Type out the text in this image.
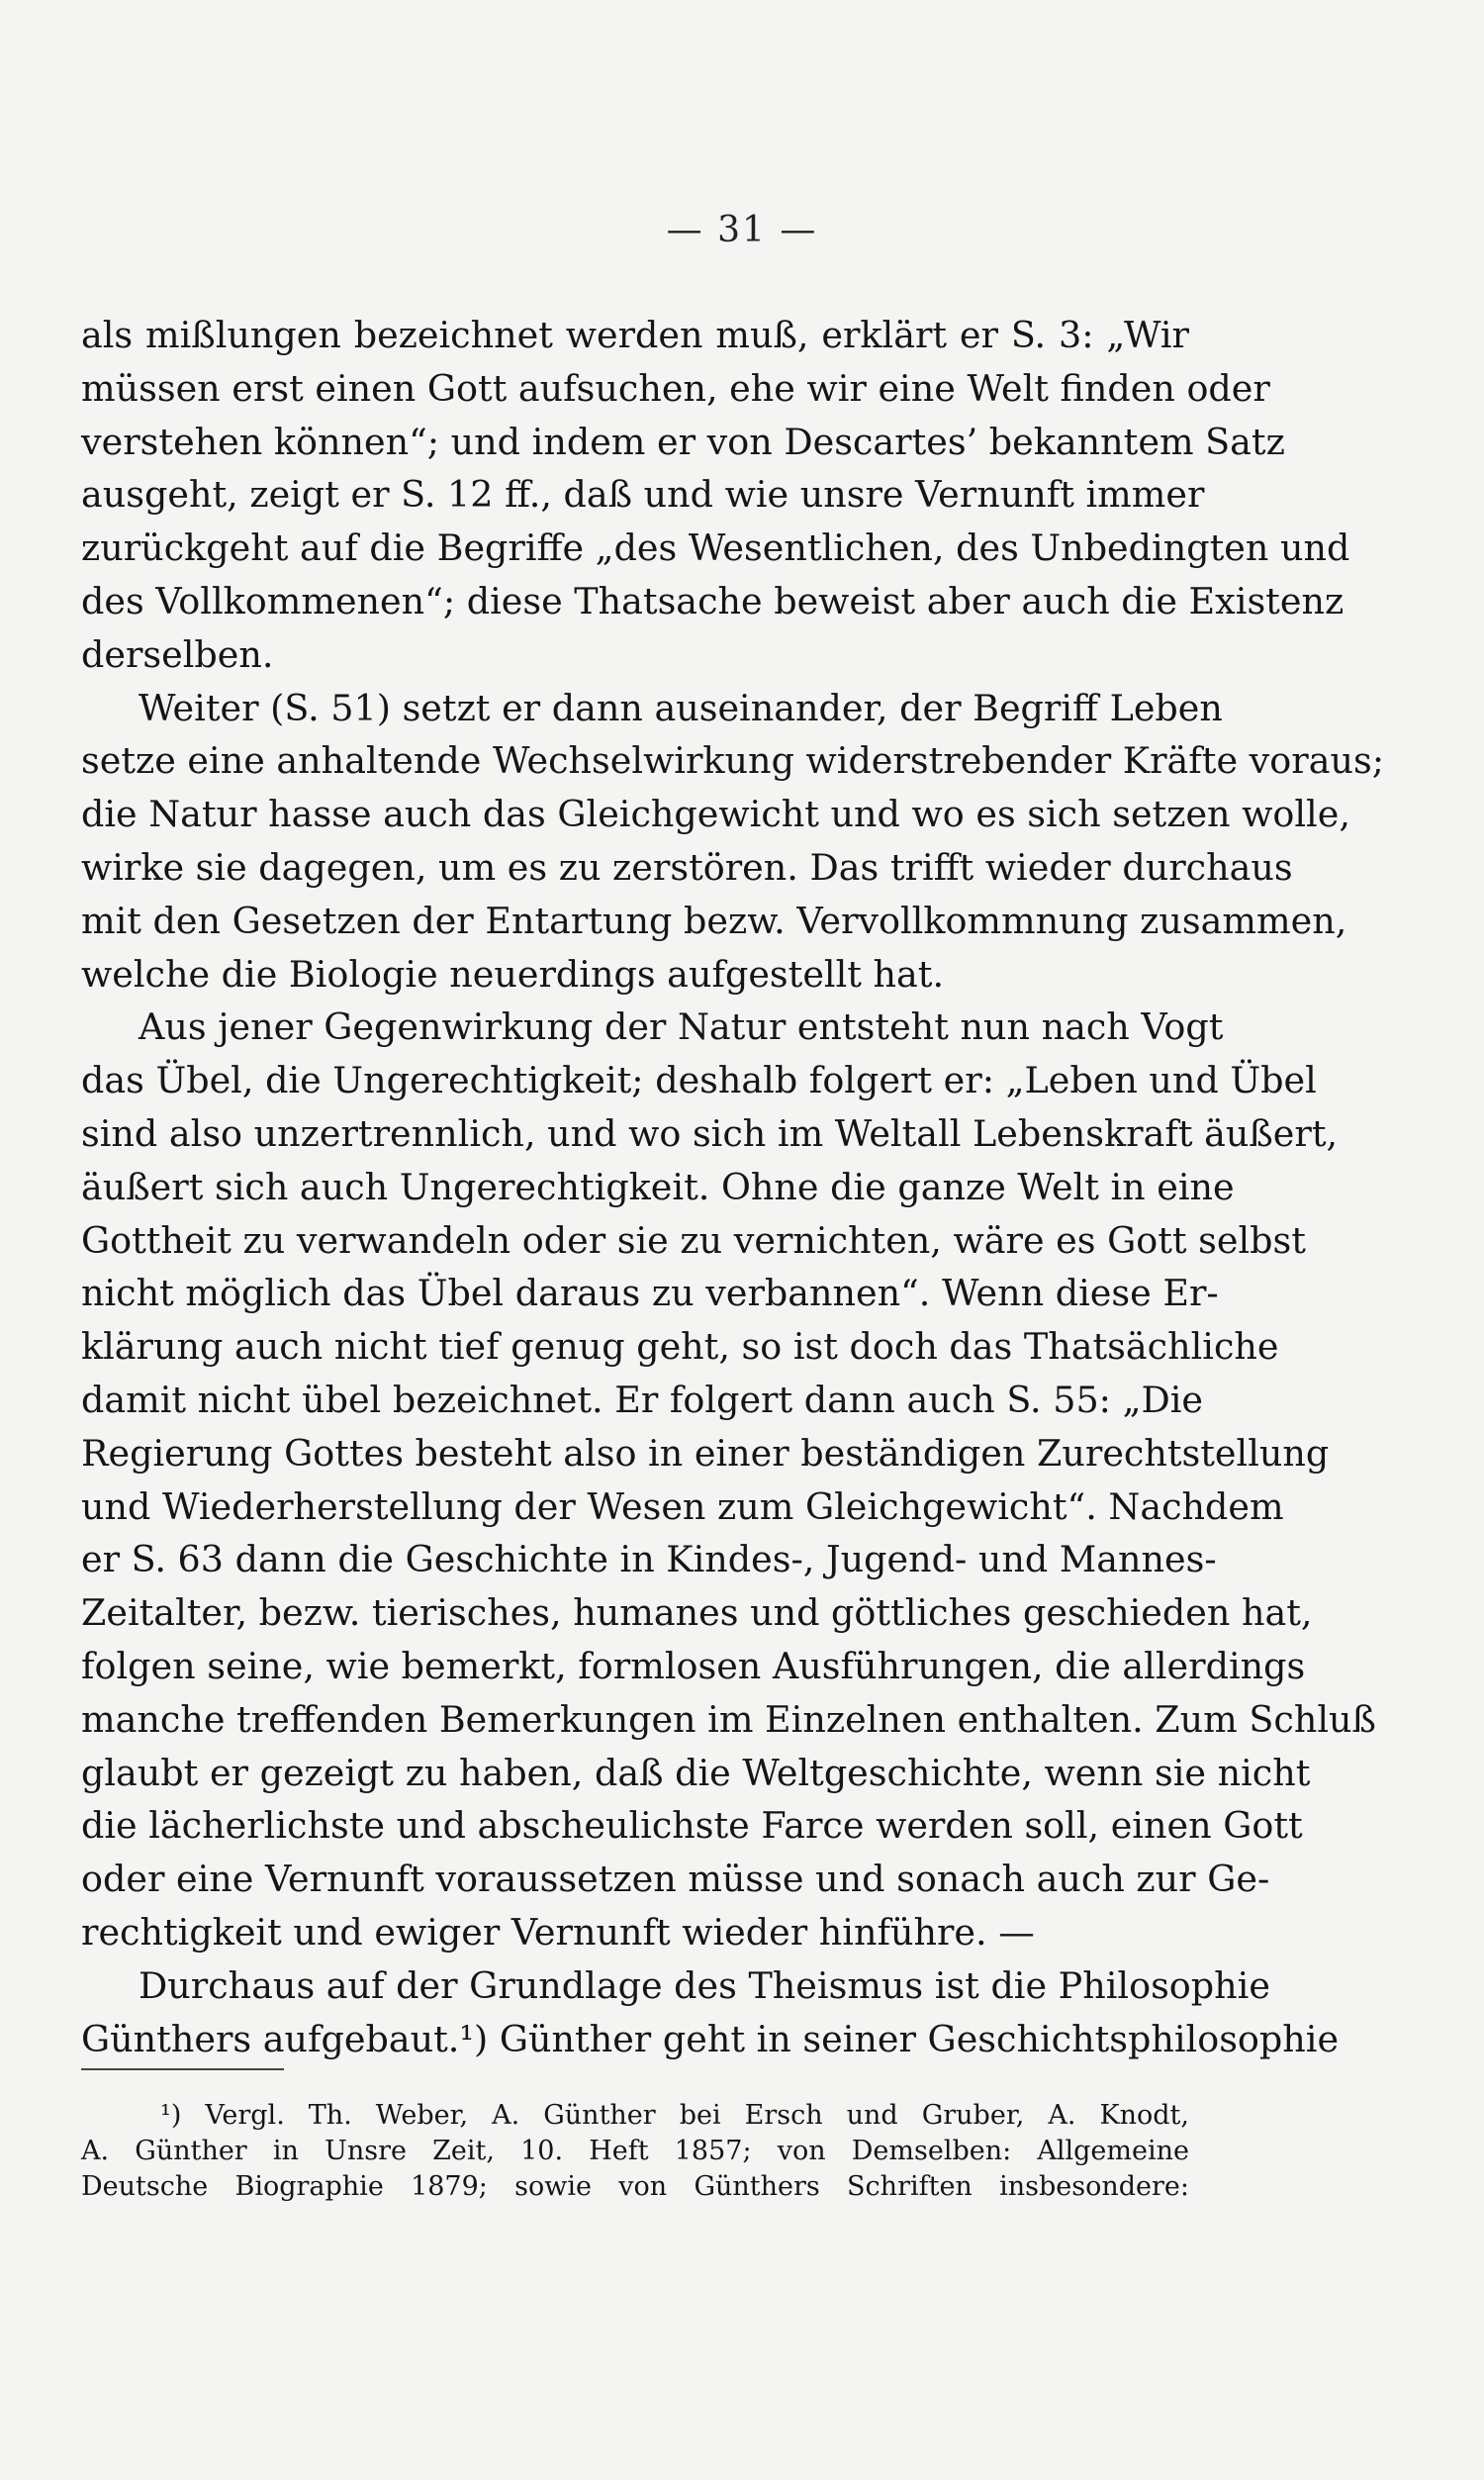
— 31 —
als mißlungen bezeichnet werden muß, erklärt er S. 3: „Wir
müssen erst einen Gott aufsuchen, ehe wir eine Welt finden oder
verstehen können“; und indem er von Descartes’ bekanntem Satz
ausgeht, zeigt er S. 12 ff., daß und wie unsre Vernunft immer
zurückgeht auf die Begriffe „des Wesentlichen, des Unbedingten und
des Vollkommenen“; diese Thatsache beweist aber auch die Existenz
derselben.
Weiter (S. 51) setzt er dann auseinander, der Begriff Leben
setze eine anhaltende Wechselwirkung widerstrebender Kräfte voraus;
die Natur hasse auch das Gleichgewicht und wo es sich setzen wolle,
wirke sie dagegen, um es zu zerstören. Das trifft wieder durchaus
mit den Gesetzen der Entartung bezw. Vervollkommnung zusammen,
welche die Biologie neuerdings aufgestellt hat.
Aus jener Gegenwirkung der Natur entsteht nun nach Vogt
das Übel, die Ungerechtigkeit; deshalb folgert er: „Leben und Übel
sind also unzertrennlich, und wo sich im Weltall Lebenskraft äußert,
äußert sich auch Ungerechtigkeit. Ohne die ganze Welt in eine
Gottheit zu verwandeln oder sie zu vernichten, wäre es Gott selbst
nicht möglich das Übel daraus zu verbannen“. Wenn diese Er-
klärung auch nicht tief genug geht, so ist doch das Thatsächliche
damit nicht übel bezeichnet. Er folgert dann auch S. 55: „Die
Regierung Gottes besteht also in einer beständigen Zurechtstellung
und Wiederherstellung der Wesen zum Gleichgewicht“. Nachdem
er S. 63 dann die Geschichte in Kindes-, Jugend- und Mannes-
Zeitalter, bezw. tierisches, humanes und göttliches geschieden hat,
folgen seine, wie bemerkt, formlosen Ausführungen, die allerdings
manche treffenden Bemerkungen im Einzelnen enthalten. Zum Schluß
glaubt er gezeigt zu haben, daß die Weltgeschichte, wenn sie nicht
die lächerlichste und abscheulichste Farce werden soll, einen Gott
oder eine Vernunft voraussetzen müsse und sonach auch zur Ge-
rechtigkeit und ewiger Vernunft wieder hinführe. —
Durchaus auf der Grundlage des Theismus ist die Philosophie
Günthers aufgebaut.¹) Günther geht in seiner Geschichtsphilosophie
¹) Vergl. Th. Weber, A. Günther bei Ersch und Gruber, A. Knodt,
A. Günther in Unsre Zeit, 10. Heft 1857; von Demselben: Allgemeine
Deutsche Biographie 1879; sowie von Günthers Schriften insbesondere:
